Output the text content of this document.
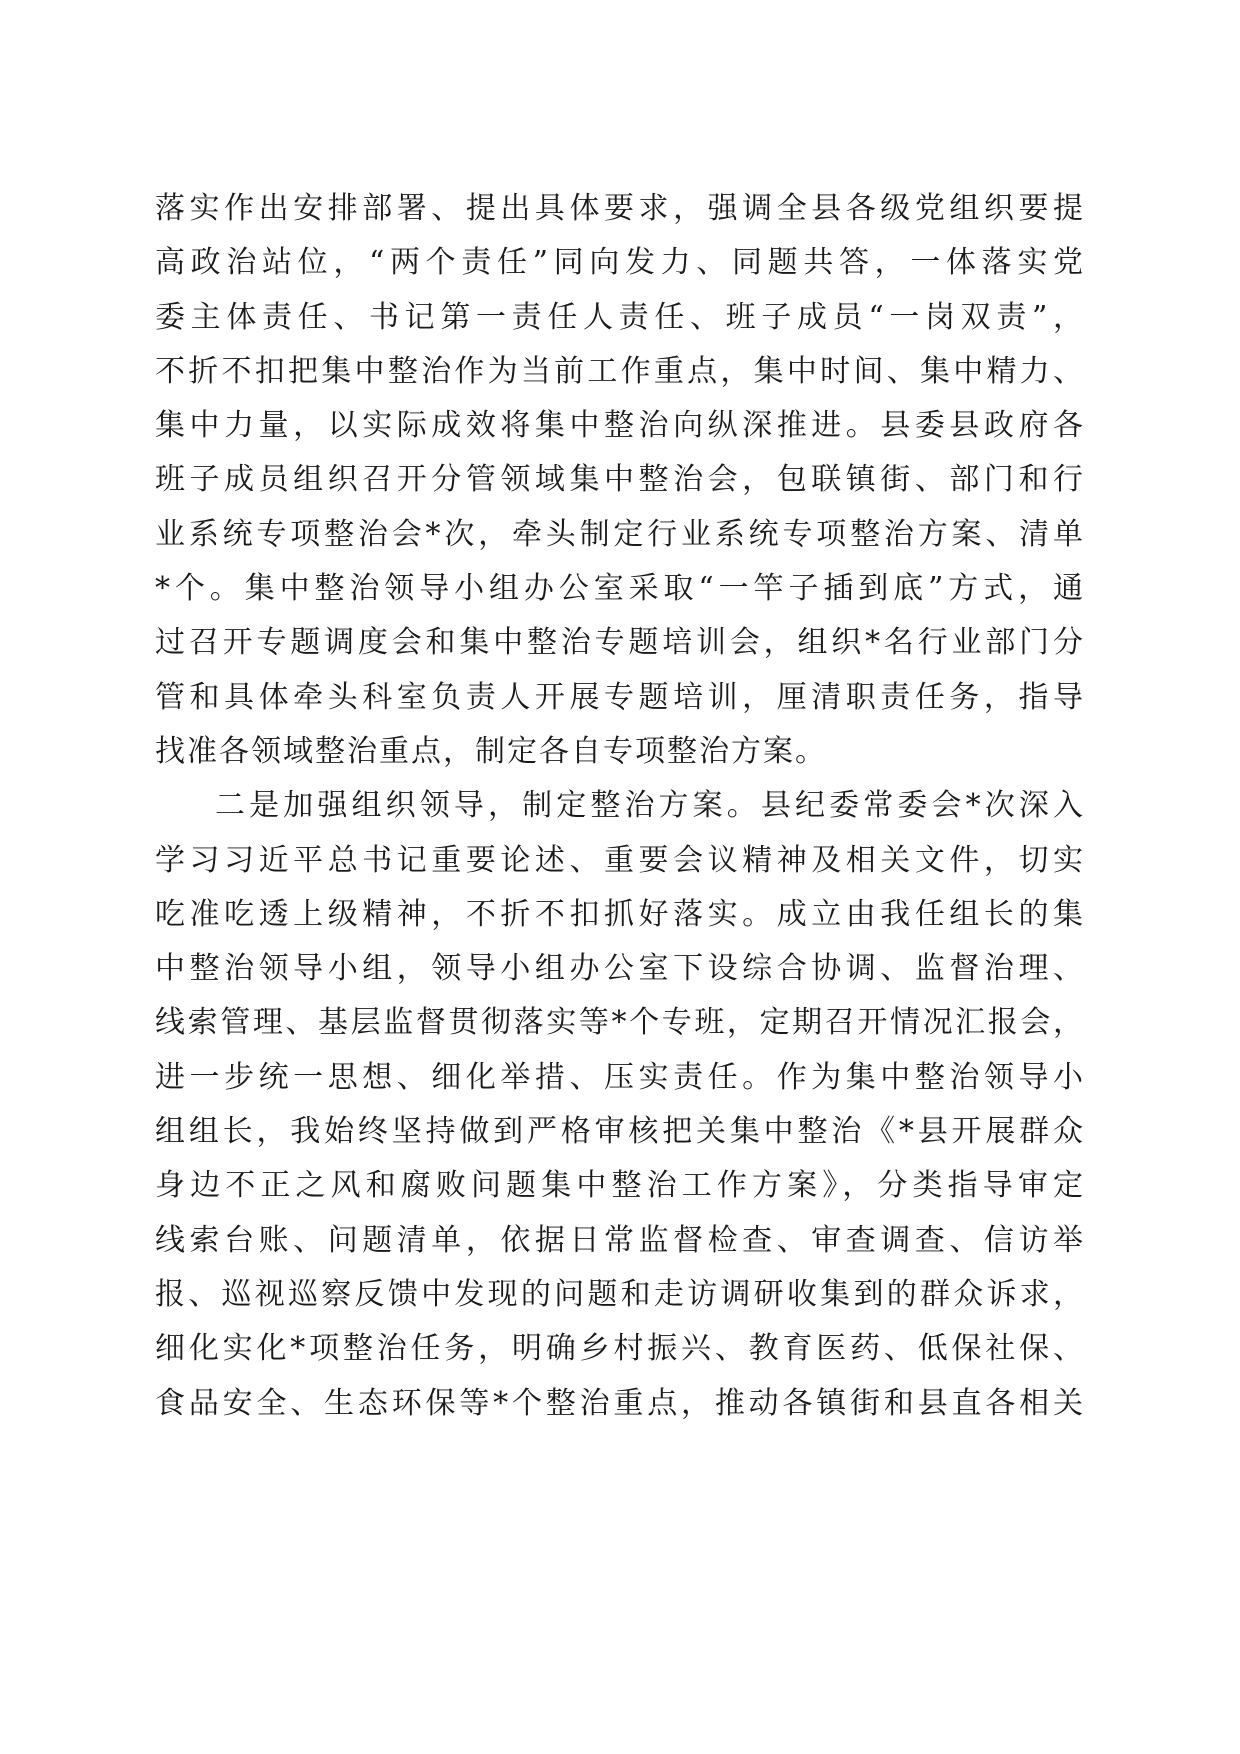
落实作出安排部署、提出具体要求，强调全县各级党组织要提
高政治站位，“两个责任”同向发力、同题共答，一体落实党
委主体责任、书记第一责任人责任、班子成员“一岗双责”，
不折不扣把集中整治作为当前工作重点，集中时间、集中精力、
集中力量，以实际成效将集中整治向纵深推进。县委县政府各
班子成员组织召开分管领域集中整治会，包联镇街、部门和行
业系统专项整治会*次，牵头制定行业系统专项整治方案、清单
*个。集中整治领导小组办公室采取“一竿子插到底”方式，通
过召开专题调度会和集中整治专题培训会，组织*名行业部门分
管和具体牵头科室负责人开展专题培训，厘清职责任务，指导
找准各领域整治重点，制定各自专项整治方案。
二是加强组织领导，制定整治方案。县纪委常委会*次深入
学习习近平总书记重要论述、重要会议精神及相关文件，切实
吃准吃透上级精神，不折不扣抓好落实。成立由我任组长的集
中整治领导小组，领导小组办公室下设综合协调、监督治理、
线索管理、基层监督贯彻落实等*个专班，定期召开情况汇报会，
进一步统一思想、细化举措、压实责任。作为集中整治领导小
组组长，我始终坚持做到严格审核把关集中整治《*县开展群众
身边不正之风和腐败问题集中整治工作方案》，分类指导审定
线索台账、问题清单，依据日常监督检查、审查调查、信访举
报、巡视巡察反馈中发现的问题和走访调研收集到的群众诉求，
细化实化*项整治任务，明确乡村振兴、教育医药、低保社保、
食品安全、生态环保等*个整治重点，推动各镇街和县直各相关
